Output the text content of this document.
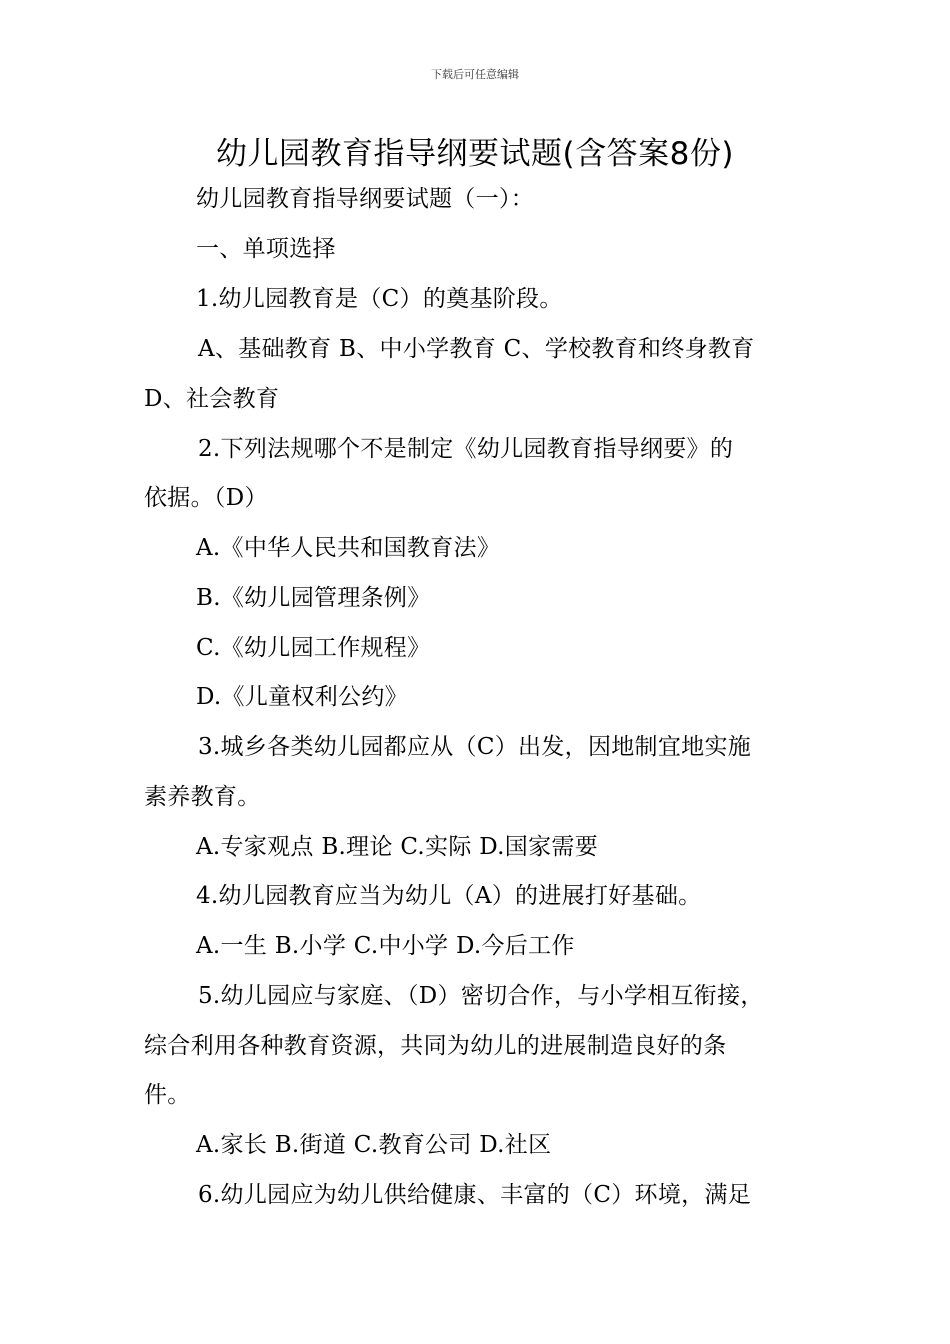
下载后可任意编辑
幼儿园教育指导纲要试题(含答案8份)
幼儿园教育指导纲要试题（一）：
一、单项选择
1.幼儿园教育是（C）的奠基阶段。
A、基础教育 B、中小学教育 C、学校教育和终身教育
D、社会教育
2.下列法规哪个不是制定《幼儿园教育指导纲要》的
依据。（D）
A.《中华人民共和国教育法》
B.《幼儿园管理条例》
C.《幼儿园工作规程》
D.《儿童权利公约》
3.城乡各类幼儿园都应从（C）出发，因地制宜地实施
素养教育。
A.专家观点 B.理论 C.实际 D.国家需要
4.幼儿园教育应当为幼儿（A）的进展打好基础。
A.一生 B.小学 C.中小学 D.今后工作
5.幼儿园应与家庭、（D）密切合作，与小学相互衔接，
综合利用各种教育资源，共同为幼儿的进展制造良好的条
件。
A.家长 B.街道 C.教育公司 D.社区
6.幼儿园应为幼儿供给健康、丰富的（C）环境，满足
